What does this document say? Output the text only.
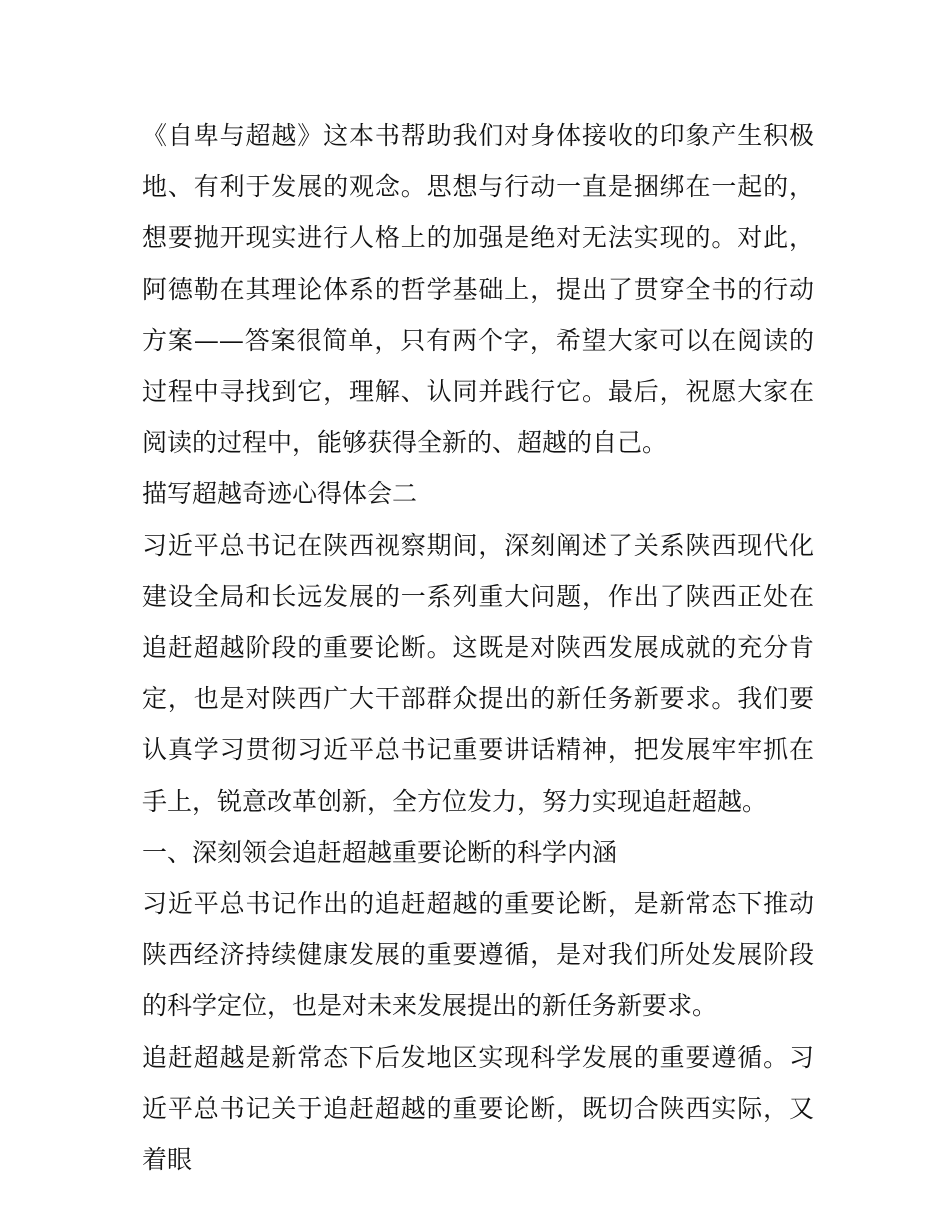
《自卑与超越》这本书帮助我们对身体接收的印象产生积极地、有利于发展的观念。思想与行动一直是捆绑在一起的，想要抛开现实进行人格上的加强是绝对无法实现的。对此，阿德勒在其理论体系的哲学基础上，提出了贯穿全书的行动方案——答案很简单，只有两个字，希望大家可以在阅读的过程中寻找到它，理解、认同并践行它。最后，祝愿大家在阅读的过程中，能够获得全新的、超越的自己。

描写超越奇迹心得体会二

习近平总书记在陕西视察期间，深刻阐述了关系陕西现代化建设全局和长远发展的一系列重大问题，作出了陕西正处在追赶超越阶段的重要论断。这既是对陕西发展成就的充分肯定，也是对陕西广大干部群众提出的新任务新要求。我们要认真学习贯彻习近平总书记重要讲话精神，把发展牢牢抓在手上，锐意改革创新，全方位发力，努力实现追赶超越。

一、深刻领会追赶超越重要论断的科学内涵

习近平总书记作出的追赶超越的重要论断，是新常态下推动陕西经济持续健康发展的重要遵循，是对我们所处发展阶段的科学定位，也是对未来发展提出的新任务新要求。

追赶超越是新常态下后发地区实现科学发展的重要遵循。习近平总书记关于追赶超越的重要论断，既切合陕西实际，又着眼
